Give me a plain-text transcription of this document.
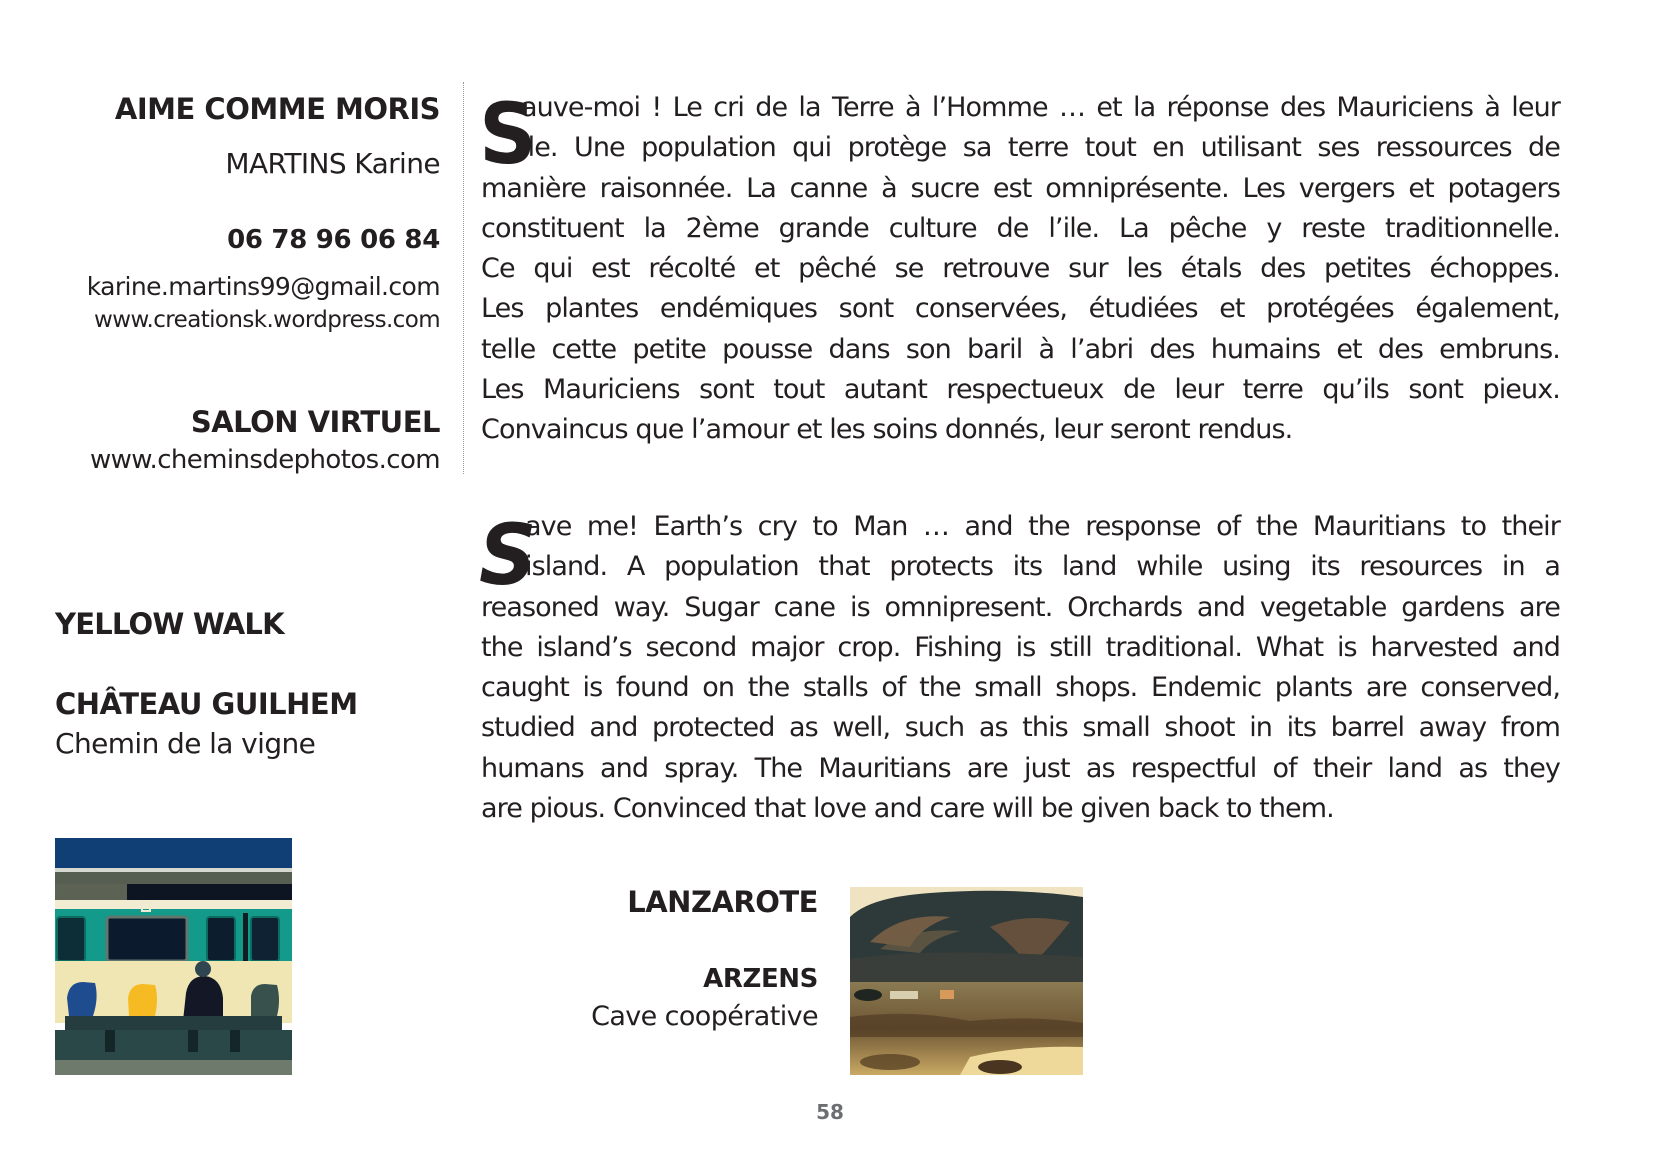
AIME COMME MORIS
MARTINS Karine
06 78 96 06 84
karine.martins99@gmail.com
www.creationsk.wordpress.com
SALON VIRTUEL
www.cheminsdephotos.com
S
auve-moi ! Le cri de la Terre à l’Homme … et la réponse des Mauriciens à leur
ile. Une population qui protège sa terre tout en utilisant ses ressources de
manière raisonnée. La canne à sucre est omniprésente. Les vergers et potagers
constituent la 2ème grande culture de l’ile. La pêche y reste traditionnelle.
Ce qui est récolté et pêché se retrouve sur les étals des petites échoppes.
Les plantes endémiques sont conservées, étudiées et protégées également,
telle cette petite pousse dans son baril à l’abri des humains et des embruns.
Les Mauriciens sont tout autant respectueux de leur terre qu’ils sont pieux.
Convaincus que l’amour et les soins donnés, leur seront rendus.
S
ave me! Earth’s cry to Man … and the response of the Mauritians to their
island. A population that protects its land while using its resources in a
reasoned way. Sugar cane is omnipresent. Orchards and vegetable gardens are
the island’s second major crop. Fishing is still traditional. What is harvested and
caught is found on the stalls of the small shops. Endemic plants are conserved,
studied and protected as well, such as this small shoot in its barrel away from
humans and spray. The Mauritians are just as respectful of their land as they
are pious. Convinced that love and care will be given back to them.
YELLOW WALK
CHÂTEAU GUILHEM
Chemin de la vigne
LANZAROTE
ARZENS
Cave coopérative
58
